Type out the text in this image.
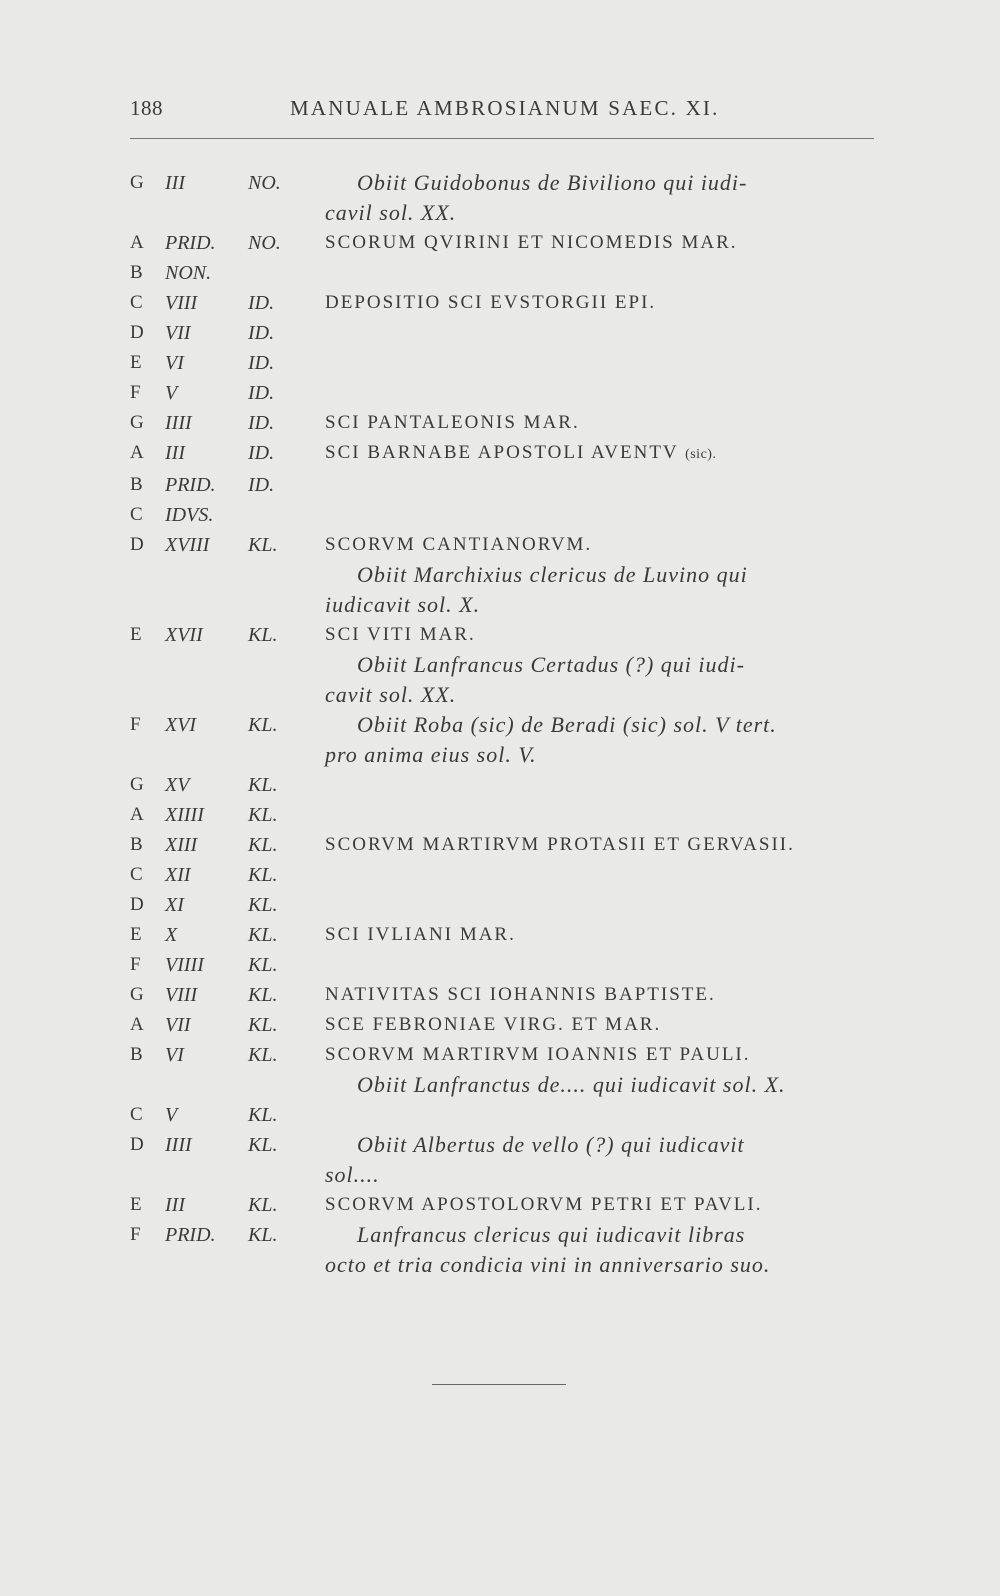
188	MANUALE AMBROSIANUM SAEC. XI.
G	III	NO.	Obiit Guidobonus de Biviliono qui iudi-
cavil sol. XX.
A	PRID.	NO.	SCORUM QVIRINI ET NICOMEDIS MAR.
B	NON.
C	VIII	ID.	DEPOSITIO SCI EVSTORGII EPI.
D	VII	ID.
E	VI	ID.
F	V	ID.
G	IIII	ID.	SCI PANTALEONIS MAR.
A	III	ID.	SCI BARNABE APOSTOLI AVENTV (sic).
B	PRID.	ID.
C	IDVS.
D	XVIII	KL.	SCORVM CANTIANORVM.
Obiit Marchixius clericus de Luvino qui
iudicavit sol. X.
E	XVII	KL.	SCI VITI MAR.
Obiit Lanfrancus Certadus (?) qui iudi-
cavit sol. XX.
F	XVI	KL.	Obiit Roba (sic) de Beradi (sic) sol. V tert.
pro anima eius sol. V.
G	XV	KL.
A	XIIII	KL.
B	XIII	KL.	SCORVM MARTIRVM PROTASII ET GERVASII.
C	XII	KL.
D	XI	KL.
E	X	KL.	SCI IVLIANI MAR.
F	VIIII	KL.
G	VIII	KL.	NATIVITAS SCI IOHANNIS BAPTISTE.
A	VII	KL.	SCE FEBRONIAE VIRG. ET MAR.
B	VI	KL.	SCORVM MARTIRVM IOANNIS ET PAULI.
Obiit Lanfranctus de.... qui iudicavit sol. X.
C	V	KL.
D	IIII	KL.	Obiit Albertus de vello (?) qui iudicavit
sol....
E	III	KL.	SCORVM APOSTOLORVM PETRI ET PAVLI.
F	PRID.	KL.	Lanfrancus clericus qui iudicavit libras
octo et tria condicia vini in anniversario suo.
